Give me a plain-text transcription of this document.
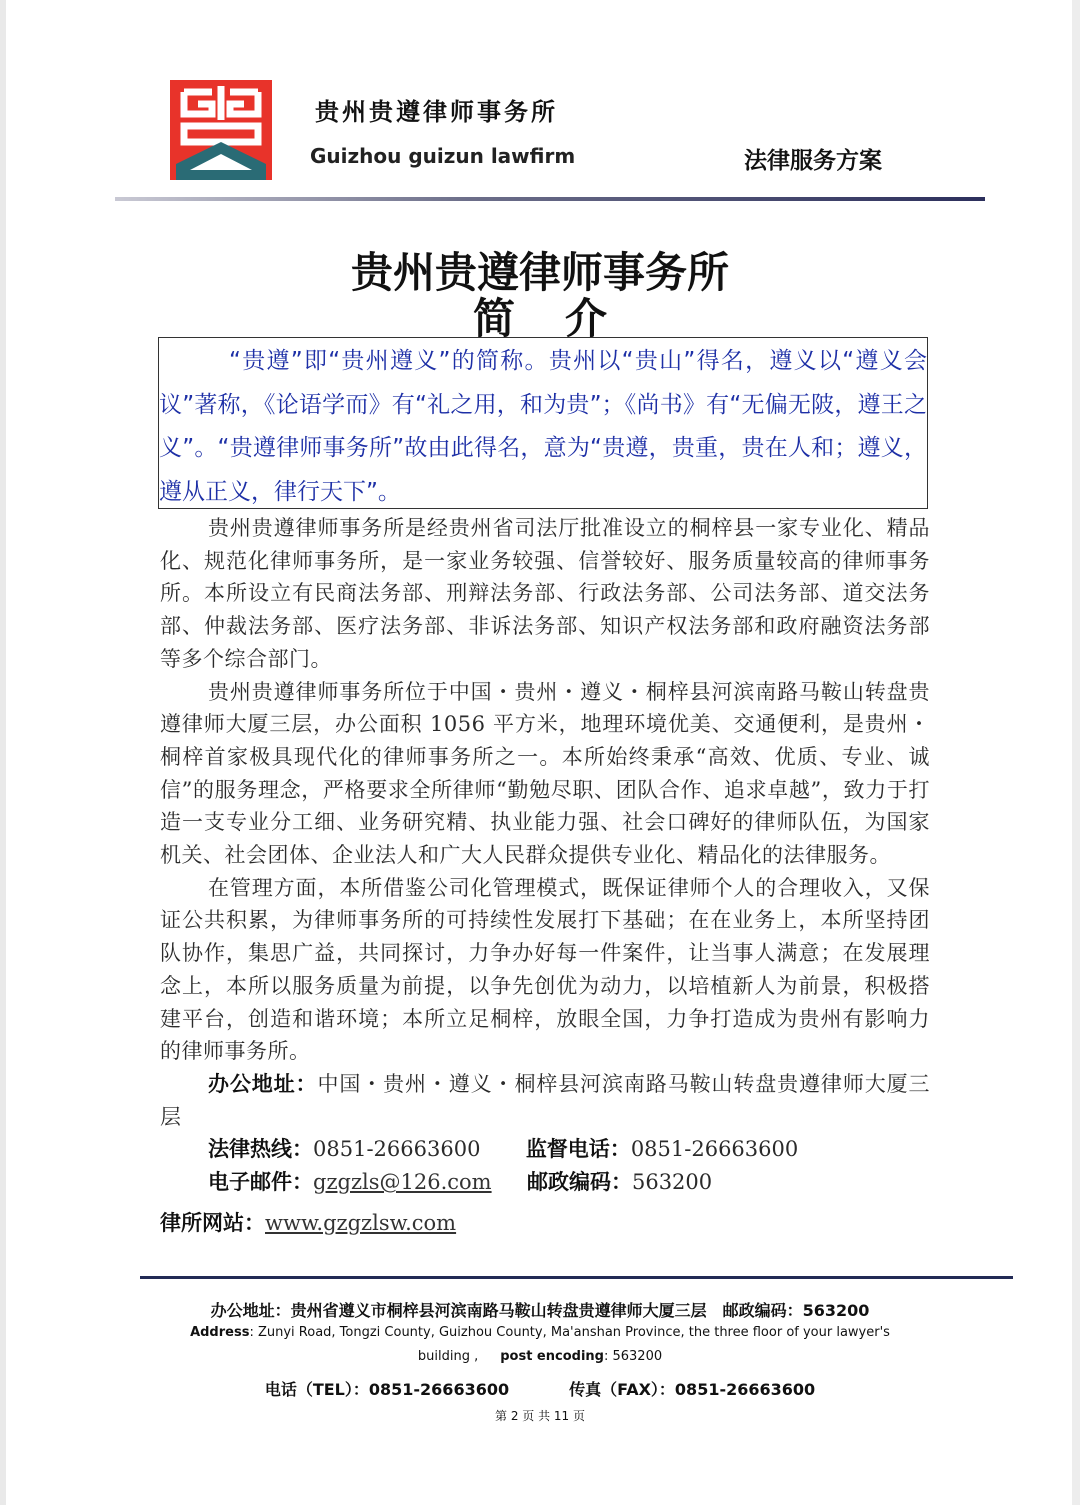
贵州贵遵律师事务所
Guizhou guizun lawfirm	法律服务方案
贵州贵遵律师事务所
简介

“贵遵”即“贵州遵义”的简称。贵州以“贵山”得名，遵义以“遵义会议”著称，《论语学而》有“礼之用，和为贵”；《尚书》有“无偏无陂，遵王之义”。“贵遵律师事务所”故由此得名，意为“贵遵，贵重，贵在人和；遵义，遵从正义，律行天下”。

贵州贵遵律师事务所是经贵州省司法厅批准设立的桐梓县一家专业化、精品化、规范化律师事务所，是一家业务较强、信誉较好、服务质量较高的律师事务所。本所设立有民商法务部、刑辩法务部、行政法务部、公司法务部、道交法务部、仲裁法务部、医疗法务部、非诉法务部、知识产权法务部和政府融资法务部等多个综合部门。

贵州贵遵律师事务所位于中国・贵州・遵义・桐梓县河滨南路马鞍山转盘贵遵律师大厦三层，办公面积 1056 平方米，地理环境优美、交通便利，是贵州・桐梓首家极具现代化的律师事务所之一。本所始终秉承“高效、优质、专业、诚信”的服务理念，严格要求全所律师“勤勉尽职、团队合作、追求卓越”，致力于打造一支专业分工细、业务研究精、执业能力强、社会口碑好的律师队伍，为国家机关、社会团体、企业法人和广大人民群众提供专业化、精品化的法律服务。

在管理方面，本所借鉴公司化管理模式，既保证律师个人的合理收入，又保证公共积累，为律师事务所的可持续性发展打下基础；在在业务上，本所坚持团队协作，集思广益，共同探讨，力争办好每一件案件，让当事人满意；在发展理念上，本所以服务质量为前提，以争先创优为动力，以培植新人为前景，积极搭建平台，创造和谐环境；本所立足桐梓，放眼全国，力争打造成为贵州有影响力的律师事务所。

办公地址：中国・贵州・遵义・桐梓县河滨南路马鞍山转盘贵遵律师大厦三层

法律热线：0851-26663600 监督电话：0851-26663600
电子邮件：gzgzls@126.com 邮政编码：563200
律所网站：www.gzgzlsw.com
办公地址：贵州省遵义市桐梓县河滨南路马鞍山转盘贵遵律师大厦三层　邮政编码：563200
Address: Zunyi Road, Tongzi County, Guizhou County, Ma'anshan Province, the three floor of your lawyer's
building , post encoding: 563200
电话（TEL）：0851-26663600	传真（FAX）：0851-26663600
第 2 页 共 11 页
